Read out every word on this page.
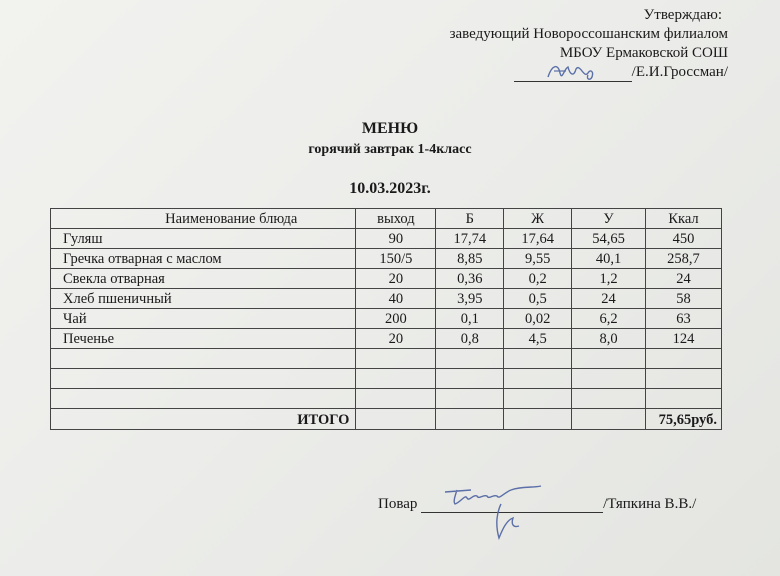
Утверждаю:
заведующий Новороссошанским филиалом
МБОУ Ермаковской СОШ
/Е.И.Гроссман/
МЕНЮ
горячий завтрак 1-4класс
10.03.2023г.
Наименование блюда	выход	Б	Ж	У	Ккал
Гуляш	90	17,74	17,64	54,65	450
Гречка отварная с маслом	150/5	8,85	9,55	40,1	258,7
Свекла отварная	20	0,36	0,2	1,2	24
Хлеб пшеничный	40	3,95	0,5	24	58
Чай	200	0,1	0,02	6,2	63
Печенье	20	0,8	4,5	8,0	124

ИТОГО					75,65руб.
Повар	/Тяпкина В.В./
